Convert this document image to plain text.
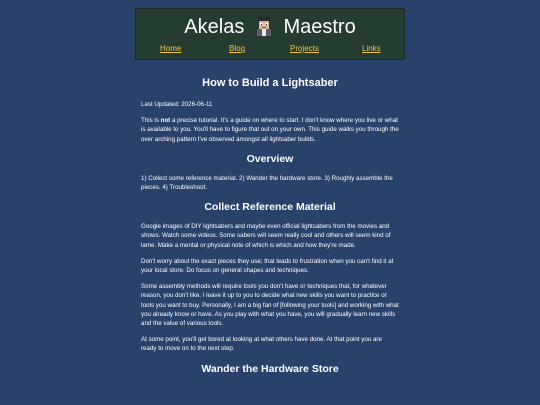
Akelas Maestro
Home	Blog	Projects	Links
How to Build a Lightsaber

Last Updated: 2026-06-11

This is not a precise tutorial. It's a guide on where to start. I don't know where you live or what is available to you. You'll have to figure that out on your own. This guide walks you through the over arching pattern I've observed amongst all lightsaber builds.

Overview

1) Collect some reference material. 2) Wander the hardware store. 3) Roughly assemble the pieces. 4) Troubleshoot.

Collect Reference Material

Google images of DIY lightsabers and maybe even official lightsabers from the movies and shows. Watch some videos. Some sabers will seem really cool and others will seem kind of lame. Make a mental or physical note of which is which and how they're made.

Don't worry about the exact pieces they use; that leads to frustration when you can't find it at your local store. Do focus on general shapes and techniques.

Some assembly methods will require tools you don't have or techniques that, for whatever reason, you don't like. I leave it up to you to decide what new skills you want to practice or tools you want to buy. Personally, I am a big fan of [following your tools] and working with what you already know or have. As you play with what you have, you will gradually learn new skills and the value of various tools.

At some point, you'll get bored at looking at what others have done. At that point you are ready to move on to the next step.

Wander the Hardware Store
